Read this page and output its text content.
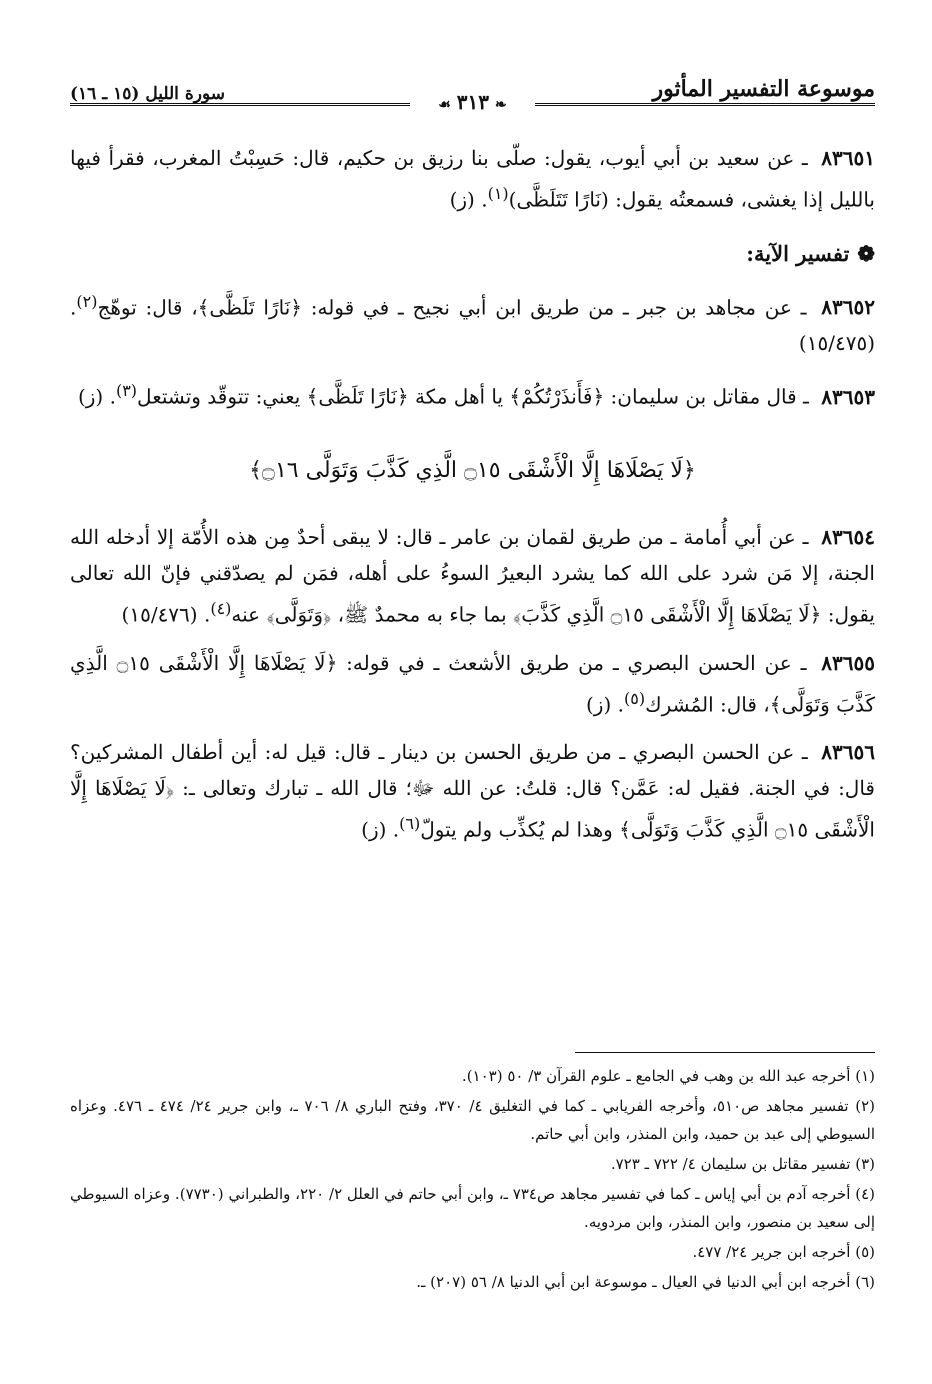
موسوعة التفسير المأثور
سورة الليل (١٥ ـ ١٦)
❧٣١٣☙

٨٣٦٥١ ـ عن سعيد بن أبي أيوب، يقول: صلّى بنا رزيق بن حكيم، قال: حَسِبْتُ المغرب، فقرأ فيها بالليل إذا يغشى، فسمعتُه يقول: (نَارًا تَتَلَظَّى)$^{(١)}$. (ز)

❁تفسير الآية:

٨٣٦٥٢ ـ عن مجاهد بن جبر ـ من طريق ابن أبي نجيح ـ في قوله: ﴿نَارًا تَلَظَّى﴾، قال: توهّج$^{(٢)}$. (١٥/٤٧٥)

٨٣٦٥٣ ـ قال مقاتل بن سليمان: ﴿فَأَنذَرْتُكُمْ﴾ يا أهل مكة ﴿نَارًا تَلَظَّى﴾ يعني: تتوقّد وتشتعل$^{(٣)}$. (ز)

﴿لَا يَصْلَاهَا إِلَّا الْأَشْقَى ۝١٥ الَّذِي كَذَّبَ وَتَوَلَّى ۝١٦﴾

٨٣٦٥٤ ـ عن أبي أُمامة ـ من طريق لقمان بن عامر ـ قال: لا يبقى أحدٌ مِن هذه الأُمّة إلا أدخله الله الجنة، إلا مَن شرد على الله كما يشرد البعيرُ السوءُ على أهله، فمَن لم يصدّقني فإنّ الله تعالى يقول: ﴿لَا يَصْلَاهَا إِلَّا الْأَشْقَى ۝١٥ الَّذِي كَذَّبَ﴾ بما جاء به محمدٌ ﷺ، ﴿وَتَوَلَّى﴾ عنه$^{(٤)}$. (١٥/٤٧٦)

٨٣٦٥٥ ـ عن الحسن البصري ـ من طريق الأشعث ـ في قوله: ﴿لَا يَصْلَاهَا إِلَّا الْأَشْقَى ۝١٥ الَّذِي كَذَّبَ وَتَوَلَّى﴾، قال: المُشرك$^{(٥)}$. (ز)

٨٣٦٥٦ ـ عن الحسن البصري ـ من طريق الحسن بن دينار ـ قال: قيل له: أين أطفال المشركين؟ قال: في الجنة. فقيل له: عَمَّن؟ قال: قلتُ: عن الله ﷻ؛ قال الله ـ تبارك وتعالى ـ: ﴿لَا يَصْلَاهَا إِلَّا الْأَشْقَى ۝١٥ الَّذِي كَذَّبَ وَتَوَلَّى﴾ وهذا لم يُكذِّب ولم يتولّ$^{(٦)}$. (ز)

(١) أخرجه عبد الله بن وهب في الجامع ـ علوم القرآن ٣/ ٥٠ (١٠٣).

(٢) تفسير مجاهد ص٥١٠، وأخرجه الفريابي ـ كما في التغليق ٤/ ٣٧٠، وفتح الباري ٨/ ٧٠٦ ـ، وابن جرير ٢٤/ ٤٧٤ ـ ٤٧٦. وعزاه السيوطي إلى عبد بن حميد، وابن المنذر، وابن أبي حاتم.

(٣) تفسير مقاتل بن سليمان ٤/ ٧٢٢ ـ ٧٢٣.

(٤) أخرجه آدم بن أبي إياس ـ كما في تفسير مجاهد ص٧٣٤ ـ، وابن أبي حاتم في العلل ٢/ ٢٢٠، والطبراني (٧٧٣٠). وعزاه السيوطي إلى سعيد بن منصور، وابن المنذر، وابن مردويه.

(٥) أخرجه ابن جرير ٢٤/ ٤٧٧.

(٦) أخرجه ابن أبي الدنيا في العيال ـ موسوعة ابن أبي الدنيا ٨/ ٥٦ (٢٠٧) ـ.
